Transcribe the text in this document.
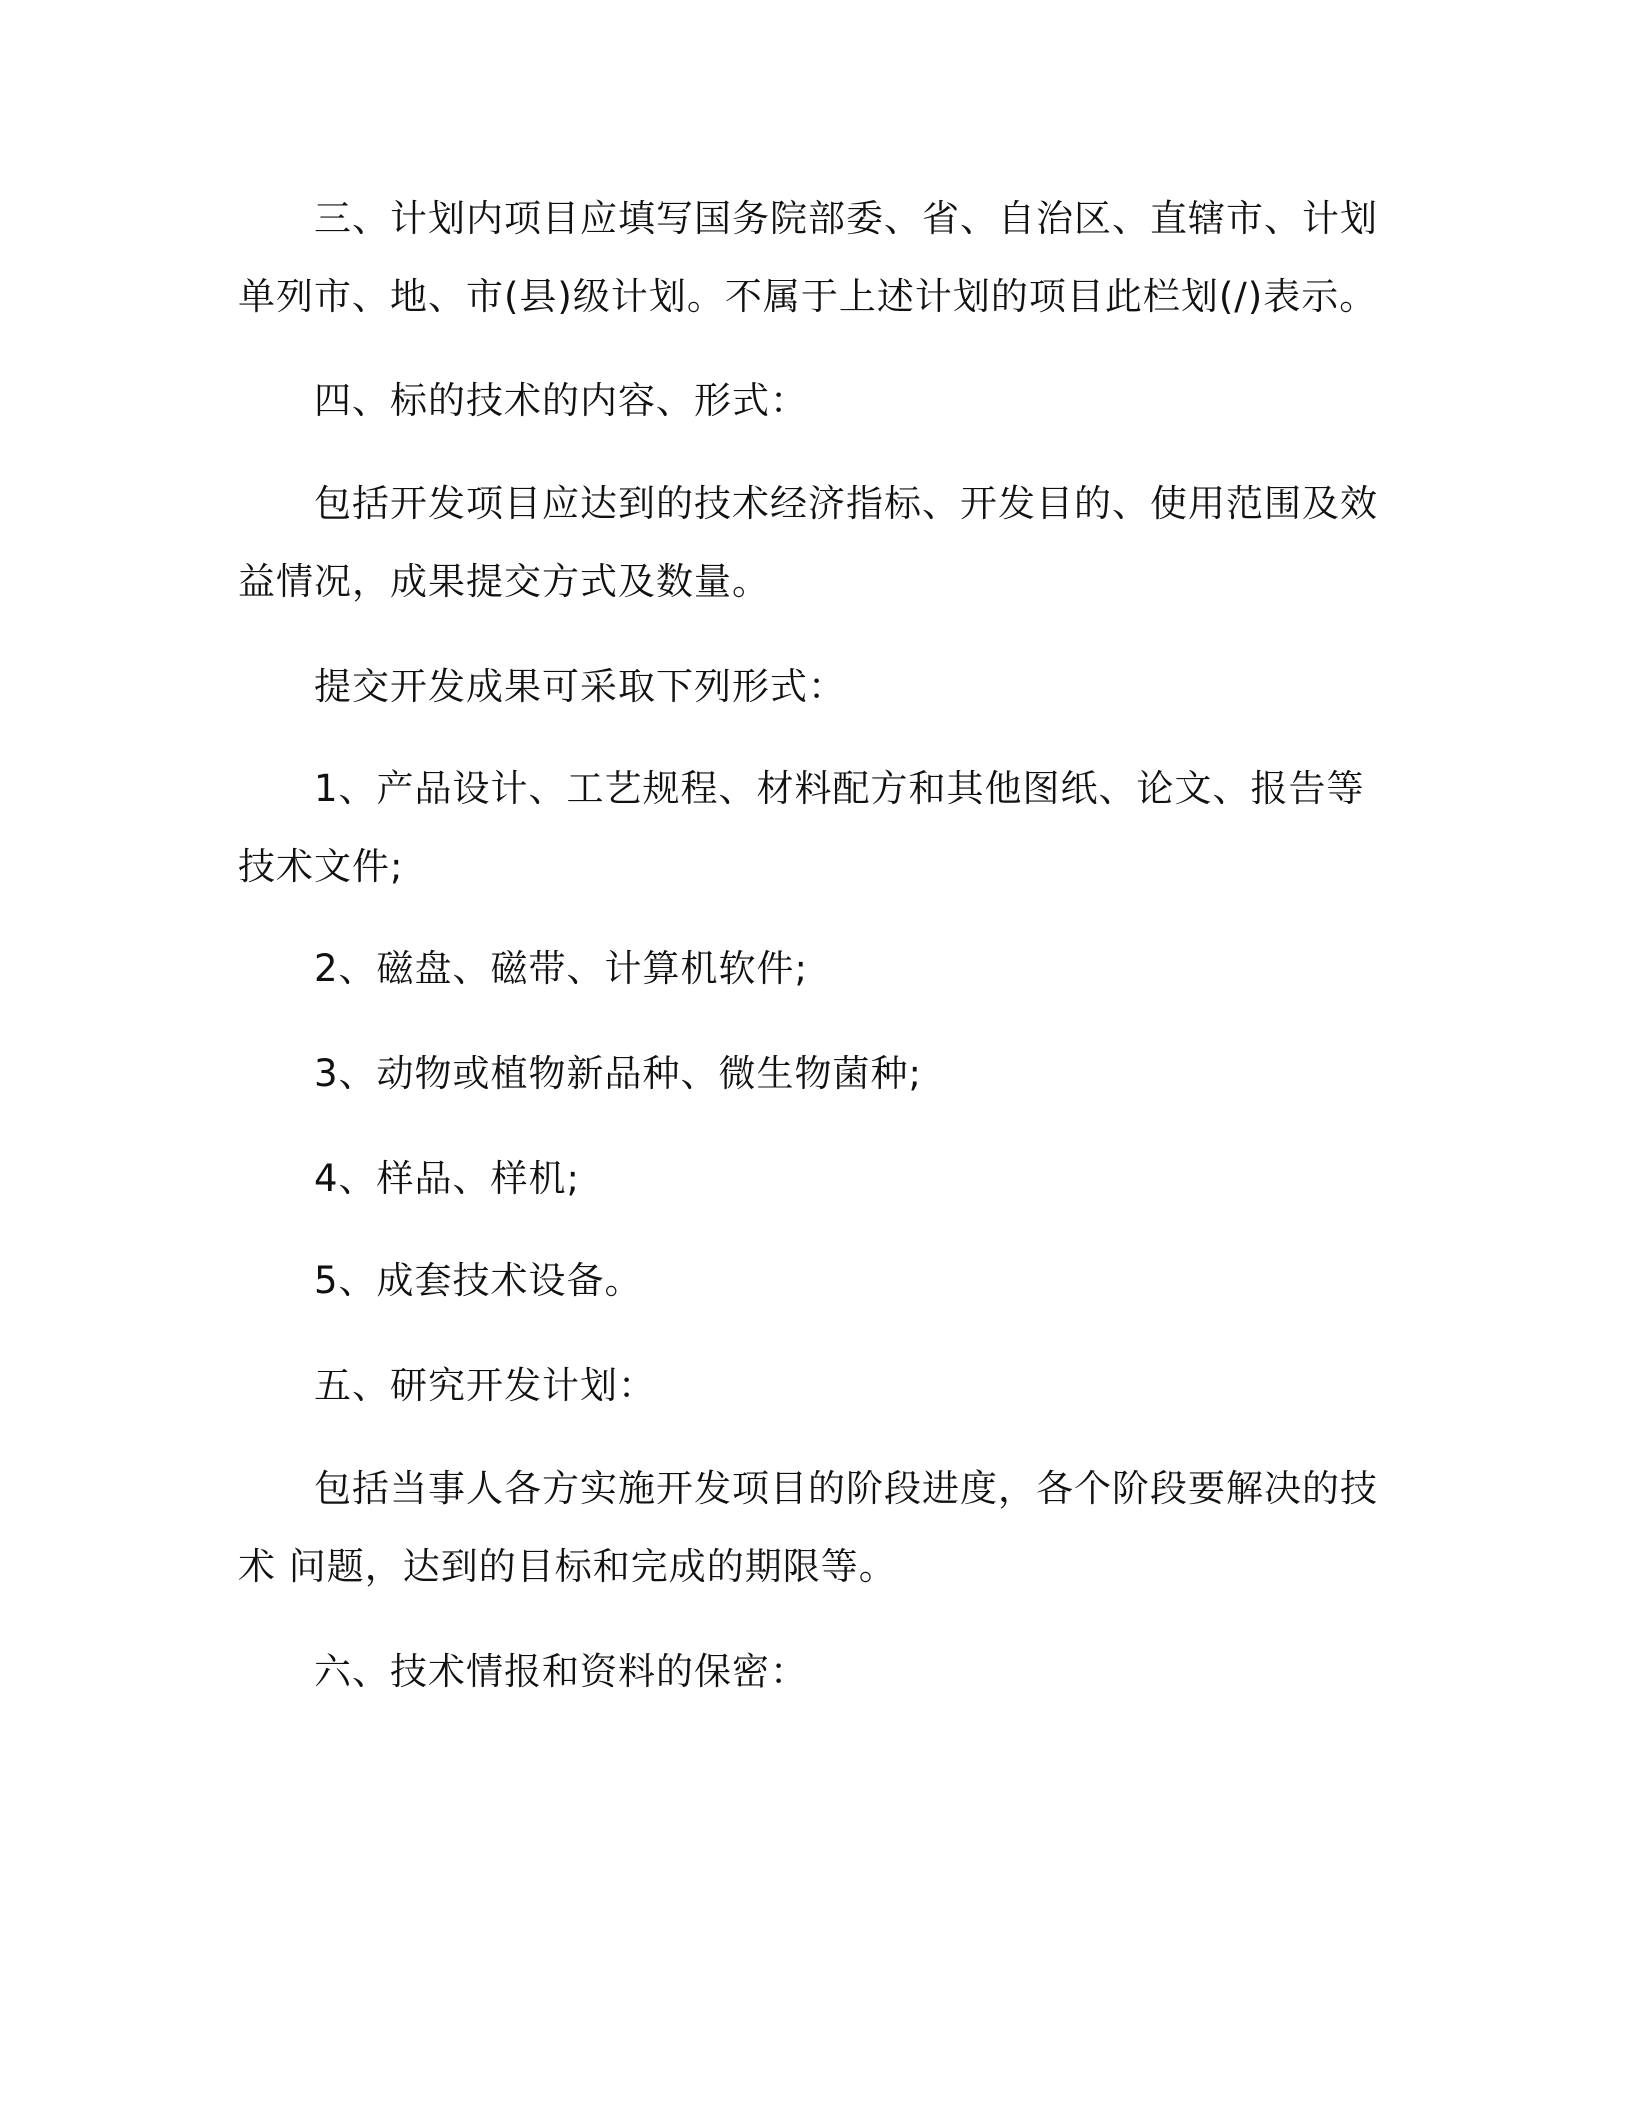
三、计划内项目应填写国务院部委、省、自治区、直辖市、计划单列市、地、市(县)级计划。不属于上述计划的项目此栏划(/)表示。

四、标的技术的内容、形式：

包括开发项目应达到的技术经济指标、开发目的、使用范围及效益情况，成果提交方式及数量。

提交开发成果可采取下列形式：

1、产品设计、工艺规程、材料配方和其他图纸、论文、报告等技术文件;

2、磁盘、磁带、计算机软件;

3、动物或植物新品种、微生物菌种;

4、样品、样机;

5、成套技术设备。

五、研究开发计划：

包括当事人各方实施开发项目的阶段进度，各个阶段要解决的技术 问题，达到的目标和完成的期限等。

六、技术情报和资料的保密：
